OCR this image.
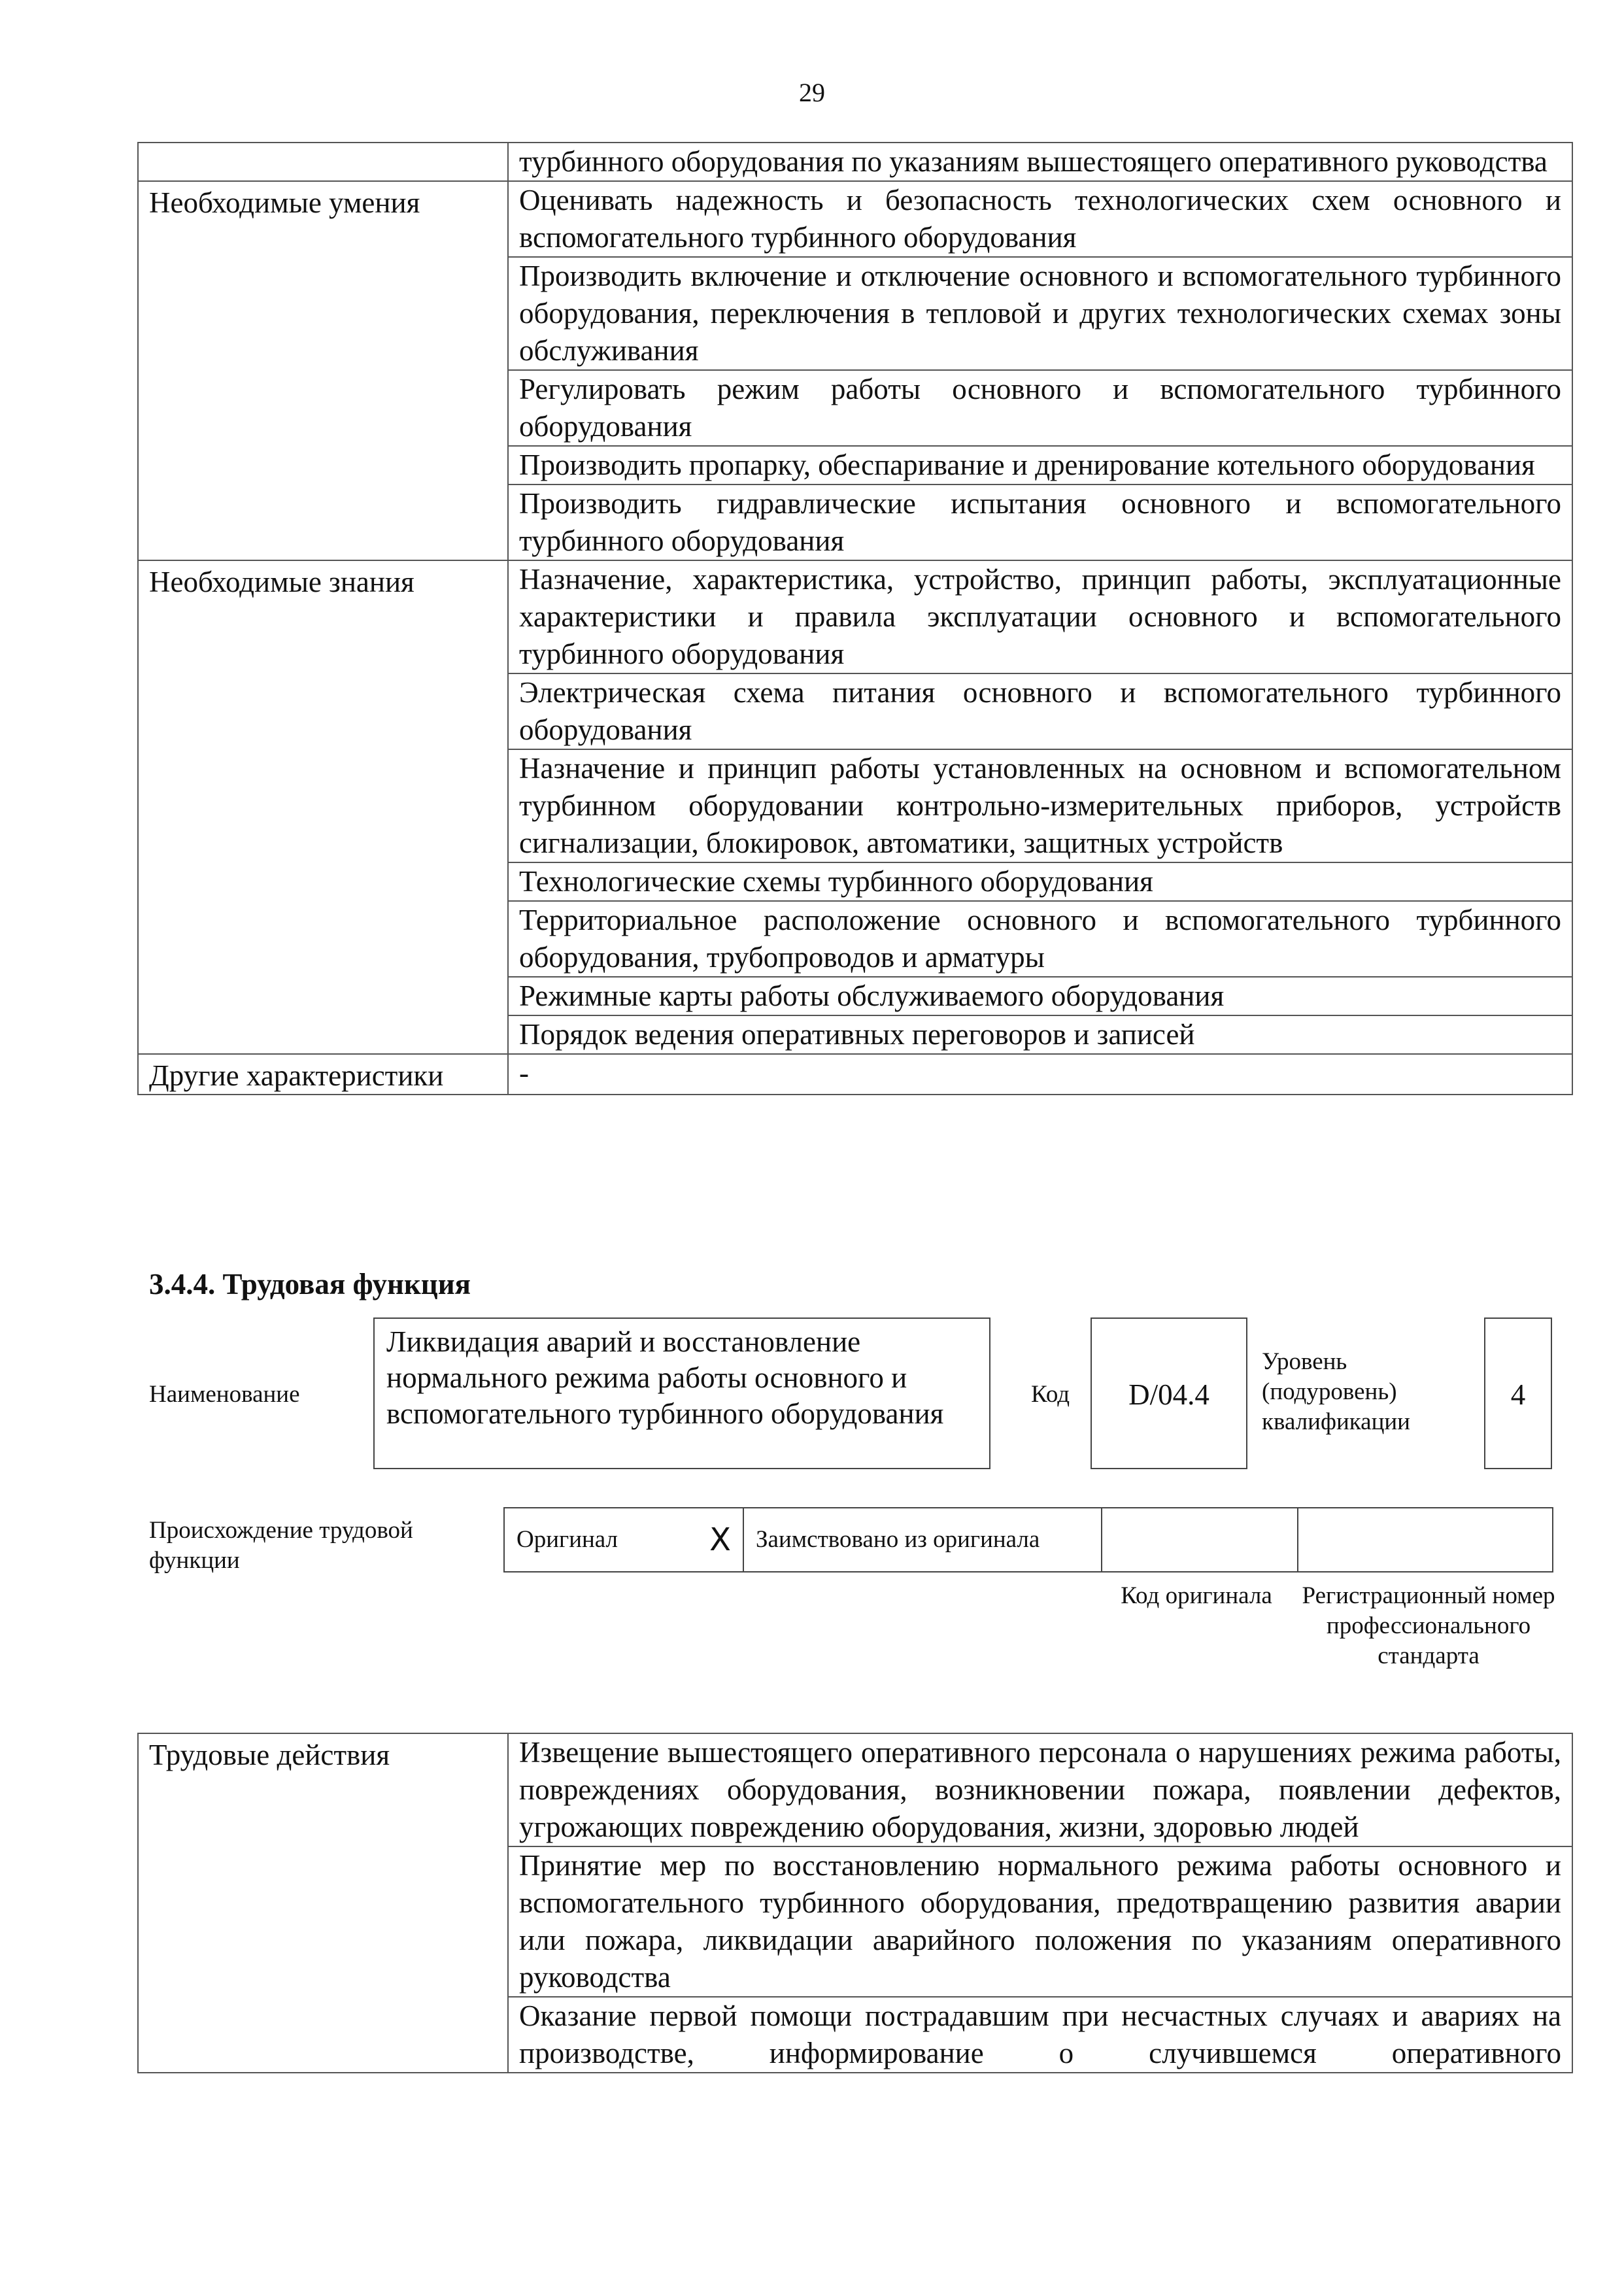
29

	турбинного оборудования по указаниям вышестоящего оперативного руководства

Необходимые умения	Оценивать надежность и безопасность технологических схем основного и вспомогательного турбинного оборудования

	Производить включение и отключение основного и вспомогательного турбинного оборудования, переключения в тепловой и других технологических схемах зоны обслуживания

	Регулировать режим работы основного и вспомогательного турбинного оборудования

	Производить пропарку, обеспаривание и дренирование котельного оборудования

	Производить гидравлические испытания основного и вспомогательного турбинного оборудования

Необходимые знания	Назначение, характеристика, устройство, принцип работы, эксплуатационные характеристики и правила эксплуатации основного и вспомогательного турбинного оборудования

	Электрическая схема питания основного и вспомогательного турбинного оборудования

	Назначение и принцип работы установленных на основном и вспомогательном турбинном оборудовании контрольно-измерительных приборов, устройств сигнализации, блокировок, автоматики, защитных устройств

	Технологические схемы турбинного оборудования

	Территориальное расположение основного и вспомогательного турбинного оборудования, трубопроводов и арматуры

	Режимные карты работы обслуживаемого оборудования

	Порядок ведения оперативных переговоров и записей

Другие характеристики	-
3.4.4. Трудовая функция
Наименование
Ликвидация аварий и восстановление нормального режима работы основного и вспомогательного турбинного оборудования
Код	D/04.4
Уровень (подуровень) квалификации
4
Происхождение трудовой функции
Оригинал	X	Заимствовано из оригинала		
Код оригинала	Регистрационный номер профессионального стандарта
Трудовые действия	Извещение вышестоящего оперативного персонала о нарушениях режима работы, повреждениях оборудования, возникновении пожара, появлении дефектов, угрожающих повреждению оборудования, жизни, здоровью людей

Принятие мер по восстановлению нормального режима работы основного и вспомогательного турбинного оборудования, предотвращению развития аварии или пожара, ликвидации аварийного положения по указаниям оперативного руководства

Оказание первой помощи пострадавшим при несчастных случаях и авариях на производстве, информирование о случившемся оперативного
